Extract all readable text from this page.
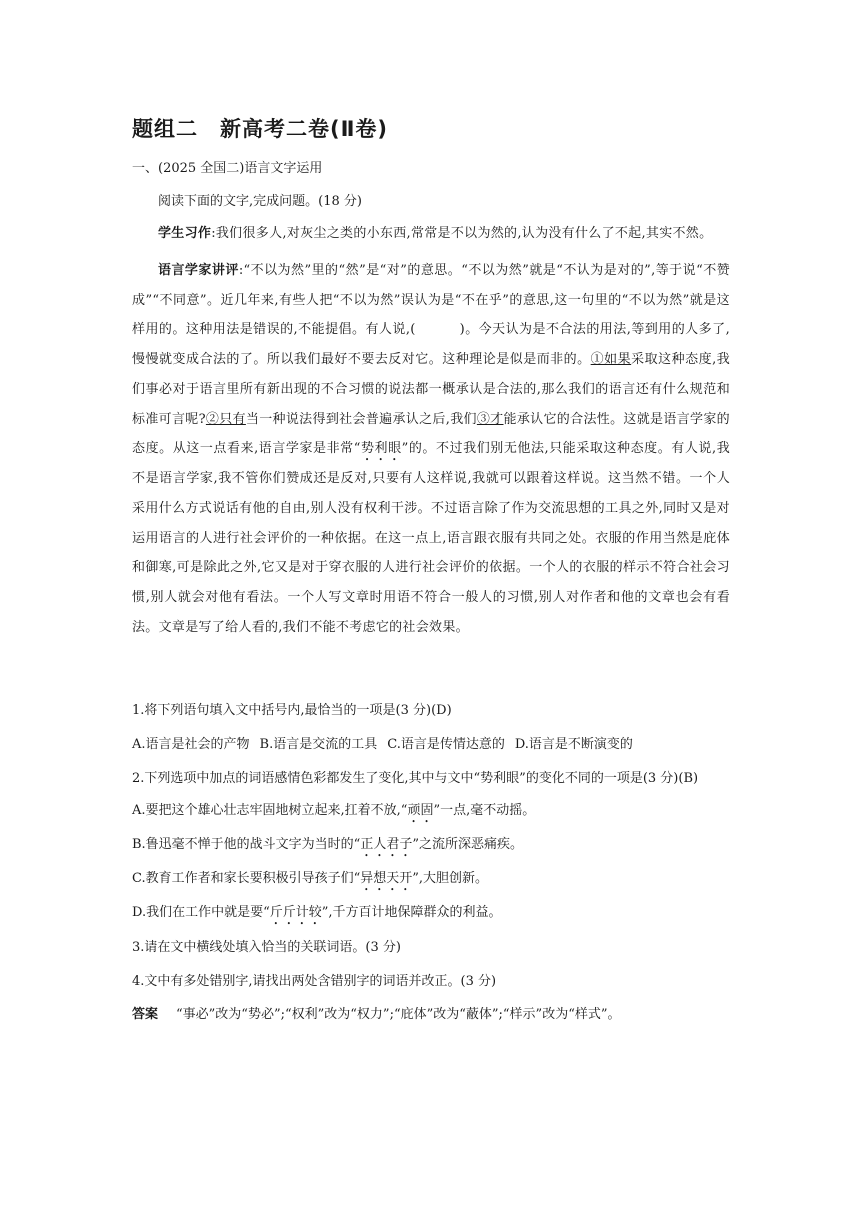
题组二 新高考二卷(Ⅱ卷)
一、(2025 全国二)语言文字运用
阅读下面的文字,完成问题。(18 分)
学生习作:我们很多人,对灰尘之类的小东西,常常是不以为然的,认为没有什么了不起,其实不然。
语言学家讲评:“不以为然”里的“然”是“对”的意思。“不以为然”就是“不认为是对的”,等于说“不赞成”“不同意”。近几年来,有些人把“不以为然”误认为是“不在乎”的意思,这一句里的“不以为然”就是这样用的。这种用法是错误的,不能提倡。有人说,(	)。今天认为是不合法的用法,等到用的人多了,慢慢就变成合法的了。所以我们最好不要去反对它。这种理论是似是而非的。①如果采取这种态度,我们事必对于语言里所有新出现的不合习惯的说法都一概承认是合法的,那么我们的语言还有什么规范和标准可言呢?②只有当一种说法得到社会普遍承认之后,我们③才能承认它的合法性。这就是语言学家的态度。从这一点看来,语言学家是非常“势利眼”的。不过我们别无他法,只能采取这种态度。有人说,我不是语言学家,我不管你们赞成还是反对,只要有人这样说,我就可以跟着这样说。这当然不错。一个人采用什么方式说话有他的自由,别人没有权利干涉。不过语言除了作为交流思想的工具之外,同时又是对运用语言的人进行社会评价的一种依据。在这一点上,语言跟衣服有共同之处。衣服的作用当然是庇体和御寒,可是除此之外,它又是对于穿衣服的人进行社会评价的依据。一个人的衣服的样示不符合社会习惯,别人就会对他有看法。一个人写文章时用语不符合一般人的习惯,别人对作者和他的文章也会有看法。文章是写了给人看的,我们不能不考虑它的社会效果。
1.将下列语句填入文中括号内,最恰当的一项是(3 分)(D)
A.语言是社会的产物 B.语言是交流的工具 C.语言是传情达意的 D.语言是不断演变的
2.下列选项中加点的词语感情色彩都发生了变化,其中与文中“势利眼”的变化不同的一项是(3 分)(B)
A.要把这个雄心壮志牢固地树立起来,扛着不放,“顽固”一点,毫不动摇。
B.鲁迅毫不惮于他的战斗文字为当时的“正人君子”之流所深恶痛疾。
C.教育工作者和家长要积极引导孩子们“异想天开”,大胆创新。
D.我们在工作中就是要“斤斤计较”,千方百计地保障群众的利益。
3.请在文中横线处填入恰当的关联词语。(3 分)
4.文中有多处错别字,请找出两处含错别字的词语并改正。(3 分)
答案 “事必”改为“势必”;“权利”改为“权力”;“庇体”改为“蔽体”;“样示”改为“样式”。
